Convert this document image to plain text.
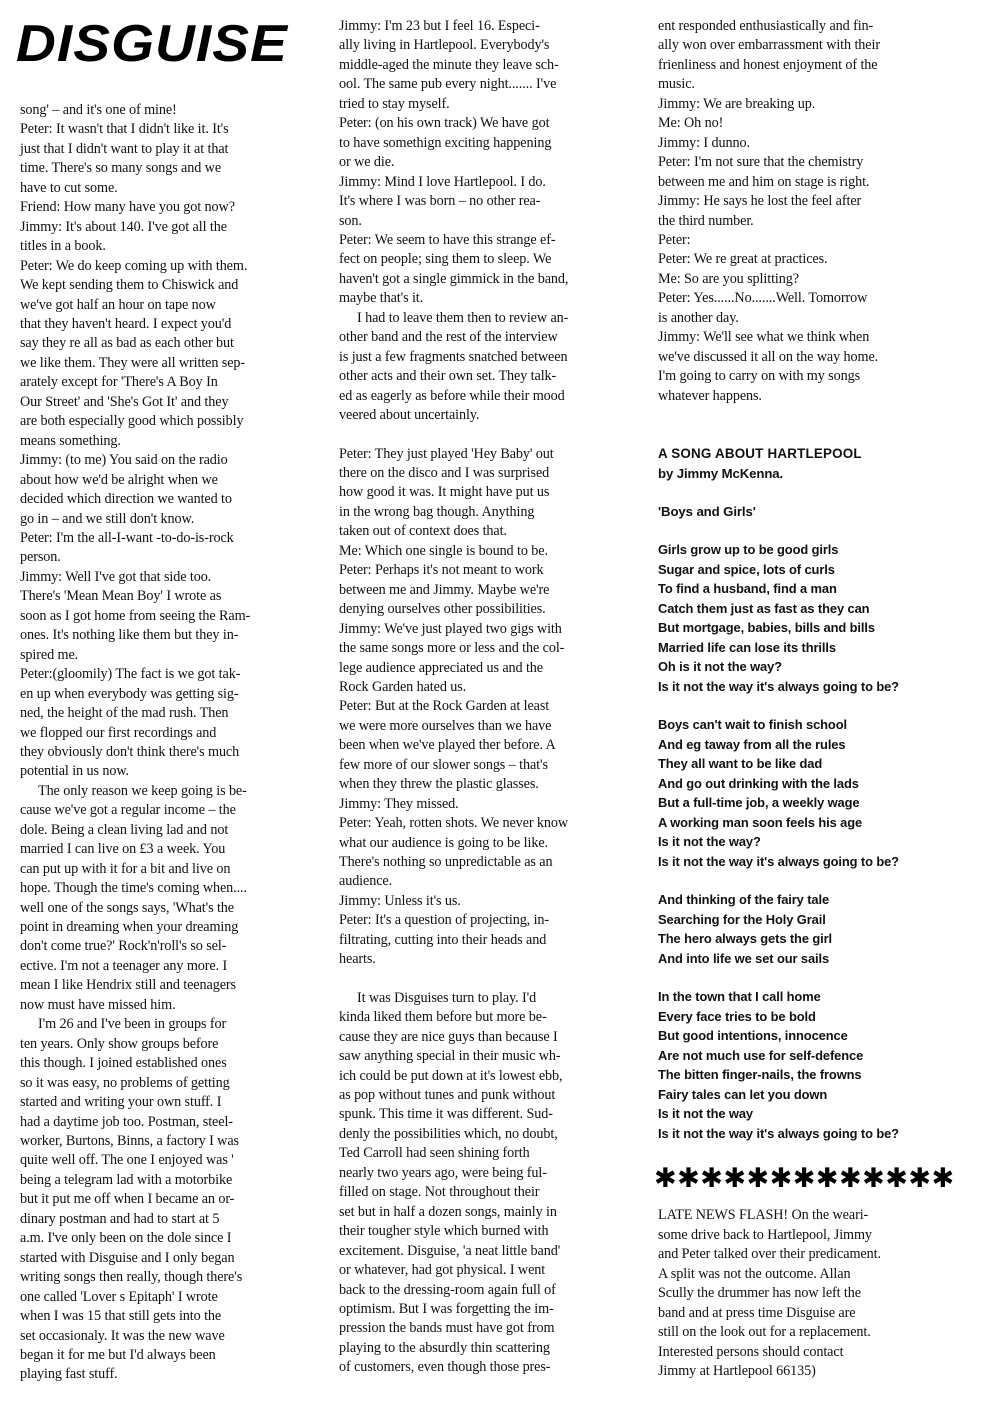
DISGUISE

song' – and it's one of mine!

Peter: It wasn't that I didn't like it. It's

just that I didn't want to play it at that

time. There's so many songs and we

have to cut some.

Friend: How many have you got now?

Jimmy: It's about 140. I've got all the

titles in a book.

Peter: We do keep coming up with them.

We kept sending them to Chiswick and

we've got half an hour on tape now

that they haven't heard. I expect you'd

say they re all as bad as each other but

we like them. They were all written sep-

arately except for 'There's A Boy In

Our Street' and 'She's Got It' and they

are both especially good which possibly

means something.

Jimmy: (to me) You said on the radio

about how we'd be alright when we

decided which direction we wanted to

go in – and we still don't know.

Peter: I'm the all-I-want -to-do-is-rock

person.

Jimmy: Well I've got that side too.

There's 'Mean Mean Boy' I wrote as

soon as I got home from seeing the Ram-

ones. It's nothing like them but they in-

spired me.

Peter:(gloomily) The fact is we got tak-

en up when everybody was getting sig-

ned, the height of the mad rush. Then

we flopped our first recordings and

they obviously don't think there's much

potential in us now.

The only reason we keep going is be-

cause we've got a regular income – the

dole. Being a clean living lad and not

married I can live on £3 a week. You

can put up with it for a bit and live on

hope. Though the time's coming when....

well one of the songs says, 'What's the

point in dreaming when your dreaming

don't come true?' Rock'n'roll's so sel-

ective. I'm not a teenager any more. I

mean I like Hendrix still and teenagers

now must have missed him.

I'm 26 and I've been in groups for

ten years. Only show groups before

this though. I joined established ones

so it was easy, no problems of getting

started and writing your own stuff. I

had a daytime job too. Postman, steel-

worker, Burtons, Binns, a factory I was

quite well off. The one I enjoyed was '

being a telegram lad with a motorbike

but it put me off when I became an or-

dinary postman and had to start at 5

a.m. I've only been on the dole since I

started with Disguise and I only began

writing songs then really, though there's

one called 'Lover s Epitaph' I wrote

when I was 15 that still gets into the

set occasionaly. It was the new wave

began it for me but I'd always been

playing fast stuff.

Jimmy: I'm 23 but I feel 16. Especi-

ally living in Hartlepool. Everybody's

middle-aged the minute they leave sch-

ool. The same pub every night....... I've

tried to stay myself.

Peter: (on his own track) We have got

to have somethign exciting happening

or we die.

Jimmy: Mind I love Hartlepool. I do.

It's where I was born – no other rea-

son.

Peter: We seem to have this strange ef-

fect on people; sing them to sleep. We

haven't got a single gimmick in the band,

maybe that's it.

I had to leave them then to review an-

other band and the rest of the interview

is just a few fragments snatched between

other acts and their own set. They talk-

ed as eagerly as before while their mood

veered about uncertainly.

Peter: They just played 'Hey Baby' out

there on the disco and I was surprised

how good it was. It might have put us

in the wrong bag though. Anything

taken out of context does that.

Me: Which one single is bound to be.

Peter: Perhaps it's not meant to work

between me and Jimmy. Maybe we're

denying ourselves other possibilities.

Jimmy: We've just played two gigs with

the same songs more or less and the col-

lege audience appreciated us and the

Rock Garden hated us.

Peter: But at the Rock Garden at least

we were more ourselves than we have

been when we've played ther before. A

few more of our slower songs – that's

when they threw the plastic glasses.

Jimmy: They missed.

Peter: Yeah, rotten shots. We never know

what our audience is going to be like.

There's nothing so unpredictable as an

audience.

Jimmy: Unless it's us.

Peter: It's a question of projecting, in-

filtrating, cutting into their heads and

hearts.

It was Disguises turn to play. I'd

kinda liked them before but more be-

cause they are nice guys than because I

saw anything special in their music wh-

ich could be put down at it's lowest ebb,

as pop without tunes and punk without

spunk. This time it was different. Sud-

denly the possibilities which, no doubt,

Ted Carroll had seen shining forth

nearly two years ago, were being ful-

filled on stage. Not throughout their

set but in half a dozen songs, mainly in

their tougher style which burned with

excitement. Disguise, 'a neat little band'

or whatever, had got physical. I went

back to the dressing-room again full of

optimism. But I was forgetting the im-

pression the bands must have got from

playing to the absurdly thin scattering

of customers, even though those pres-

ent responded enthusiastically and fin-

ally won over embarrassment with their

frienliness and honest enjoyment of the

music.

Jimmy: We are breaking up.

Me: Oh no!

Jimmy: I dunno.

Peter: I'm not sure that the chemistry

between me and him on stage is right.

Jimmy: He says he lost the feel after

the third number.

Peter:

Peter: We re great at practices.

Me: So are you splitting?

Peter: Yes......No.......Well. Tomorrow

is another day.

Jimmy: We'll see what we think when

we've discussed it all on the way home.

I'm going to carry on with my songs

whatever happens.

A SONG ABOUT HARTLEPOOL

by Jimmy McKenna.

'Boys and Girls'

Girls grow up to be good girls

Sugar and spice, lots of curls

To find a husband, find a man

Catch them just as fast as they can

But mortgage, babies, bills and bills

Married life can lose its thrills

Oh is it not the way?

Is it not the way it's always going to be?

Boys can't wait to finish school

And eg taway from all the rules

They all want to be like dad

And go out drinking with the lads

But a full-time job, a weekly wage

A working man soon feels his age

Is it not the way?

Is it not the way it's always going to be?

And thinking of the fairy tale

Searching for the Holy Grail

The hero always gets the girl

And into life we set our sails

In the town that I call home

Every face tries to be bold

But good intentions, innocence

Are not much use for self-defence

The bitten finger-nails, the frowns

Fairy tales can let you down

Is it not the way

Is it not the way it's always going to be?

✱✱✱✱✱✱✱✱✱✱✱✱✱

LATE NEWS FLASH! On the weari-

some drive back to Hartlepool, Jimmy

and Peter talked over their predicament.

A split was not the outcome. Allan

Scully the drummer has now left the

band and at press time Disguise are

still on the look out for a replacement.

Interested persons should contact

Jimmy at Hartlepool 66135)
